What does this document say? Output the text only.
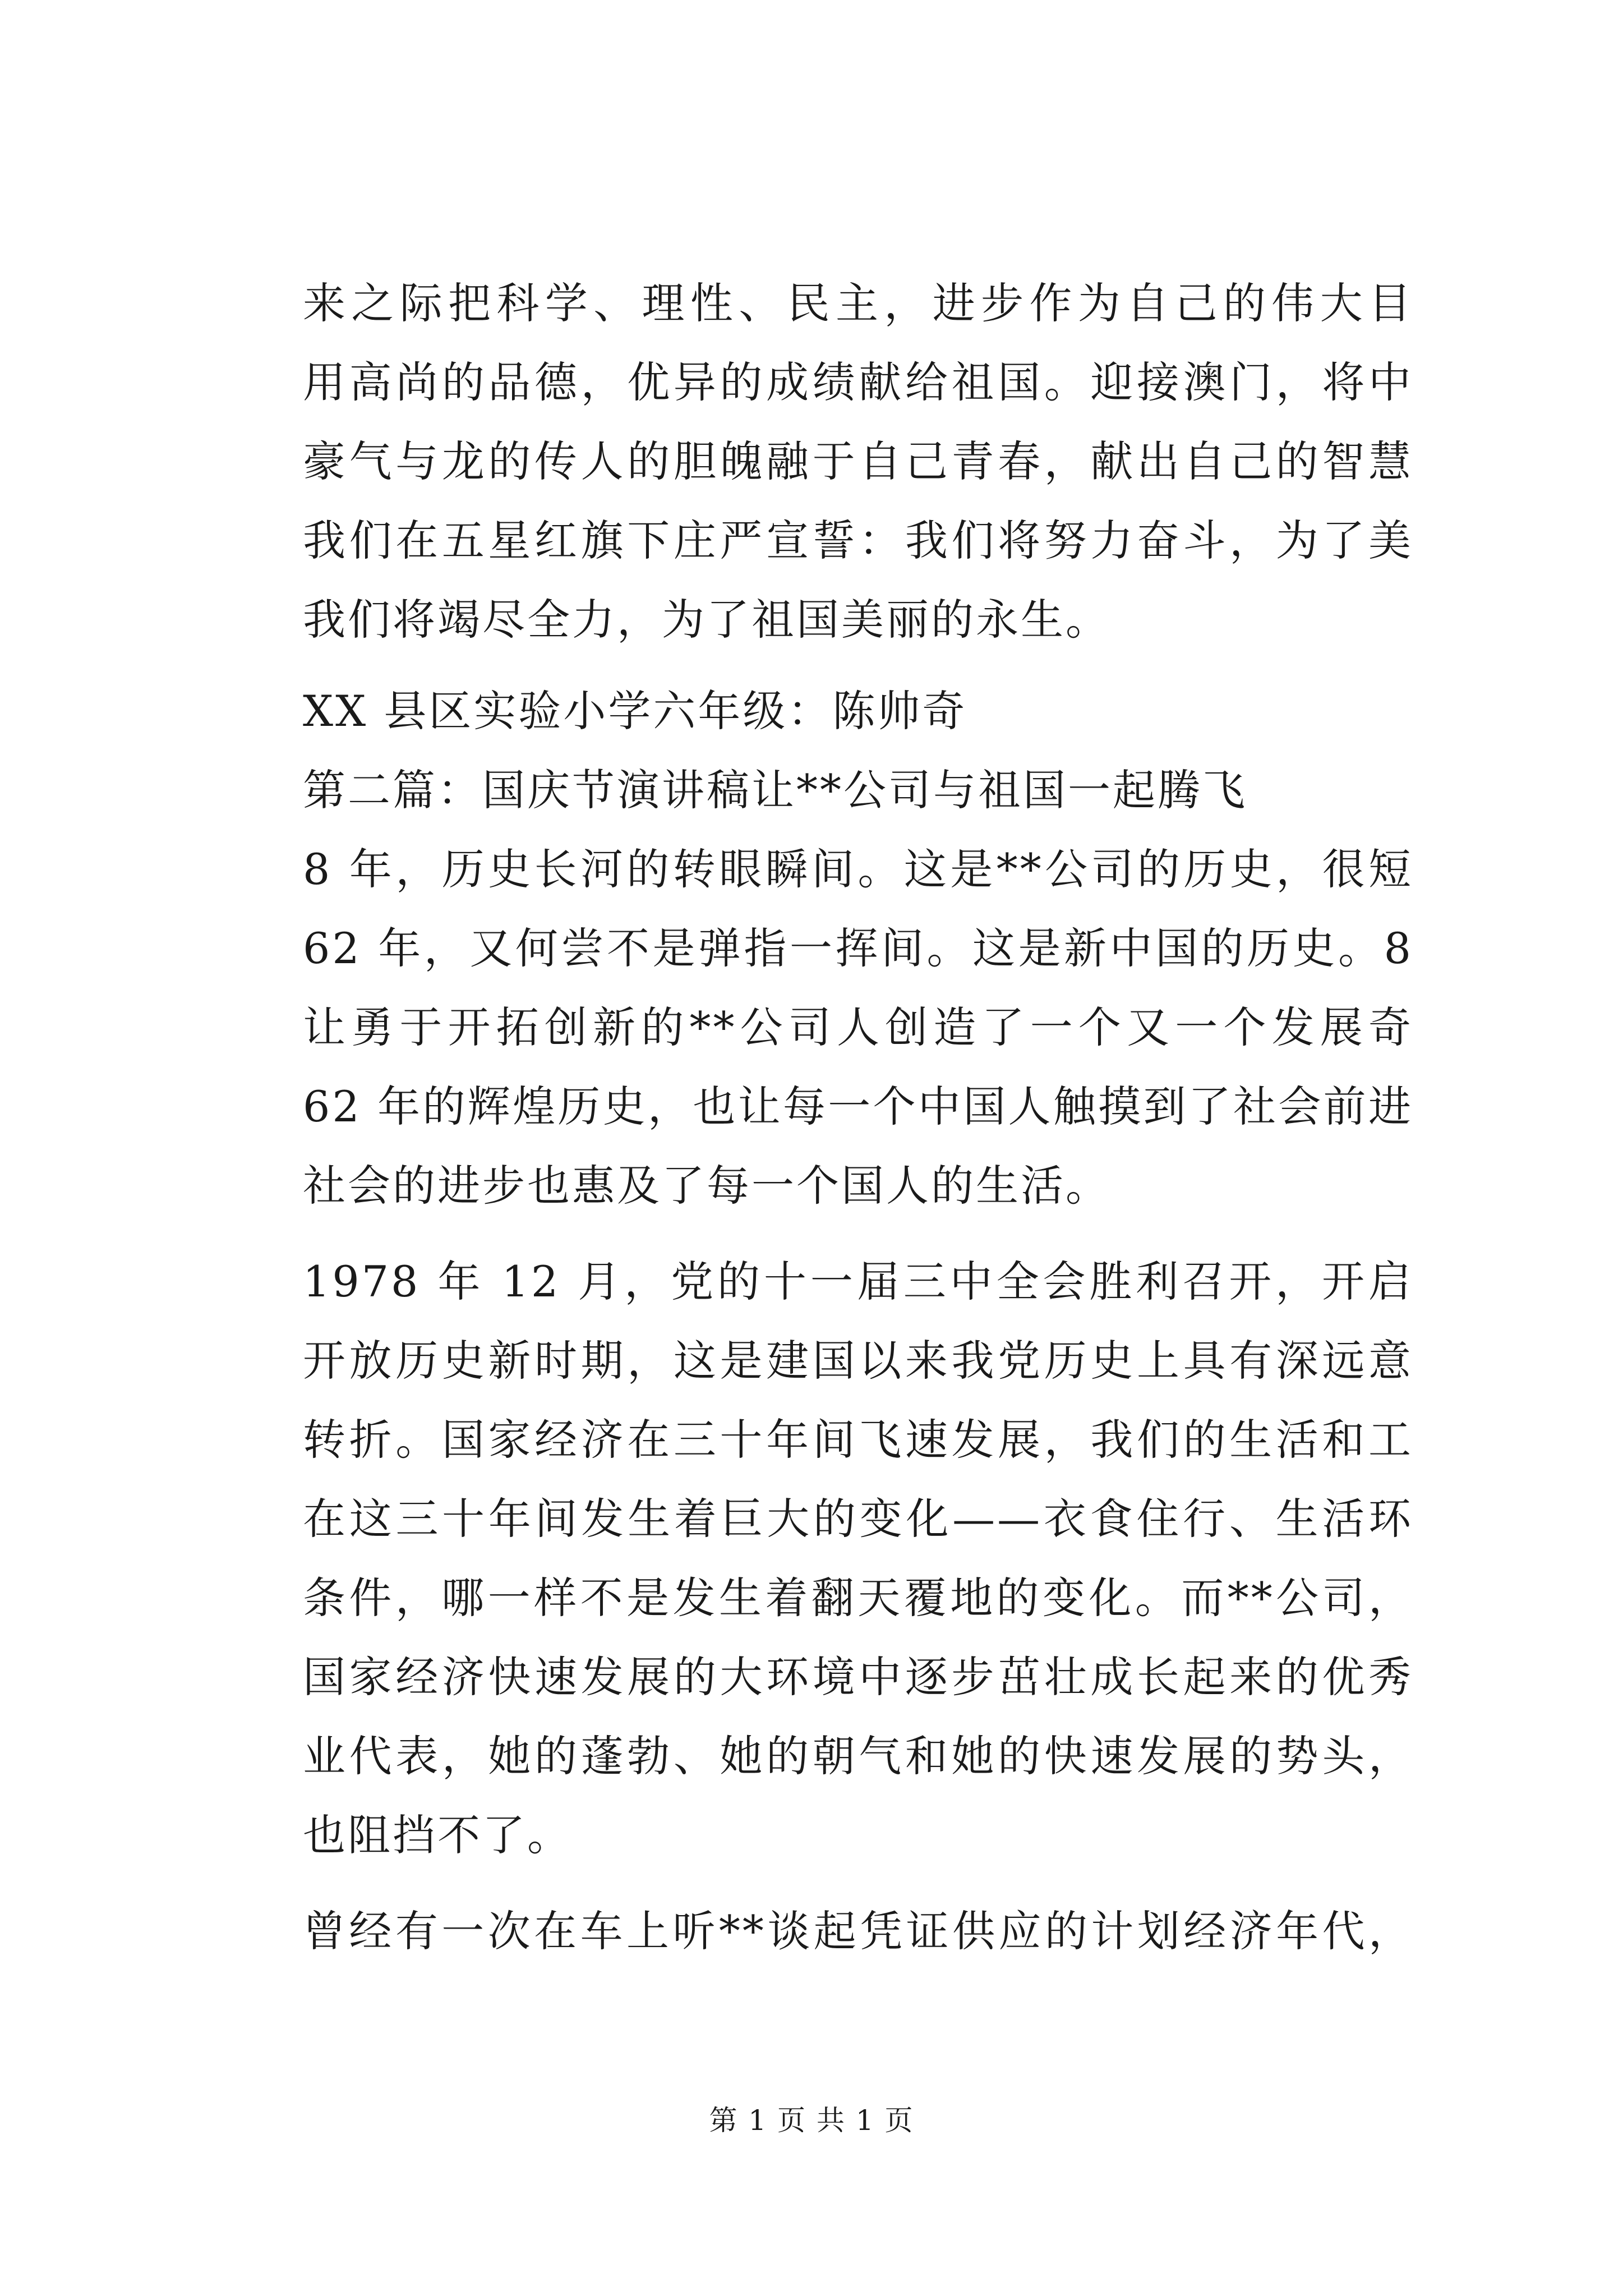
来之际把科学、理性、民主，进步作为自己的伟大目
用高尚的品德，优异的成绩献给祖国。迎接澳门，将中
豪气与龙的传人的胆魄融于自己青春，献出自己的智慧
我们在五星红旗下庄严宣誓：我们将努力奋斗，为了美
我们将竭尽全力，为了祖国美丽的永生。
XX 县区实验小学六年级：陈帅奇
第二篇：国庆节演讲稿让**公司与祖国一起腾飞
8 年，历史长河的转眼瞬间。这是**公司的历史，很短
62 年，又何尝不是弹指一挥间。这是新中国的历史。8
让勇于开拓创新的**公司人创造了一个又一个发展奇
62 年的辉煌历史，也让每一个中国人触摸到了社会前进
社会的进步也惠及了每一个国人的生活。
1978 年 12 月，党的十一届三中全会胜利召开，开启
开放历史新时期，这是建国以来我党历史上具有深远意
转折。国家经济在三十年间飞速发展，我们的生活和工
在这三十年间发生着巨大的变化——衣食住行、生活环
条件，哪一样不是发生着翻天覆地的变化。而**公司，
国家经济快速发展的大环境中逐步茁壮成长起来的优秀
业代表，她的蓬勃、她的朝气和她的快速发展的势头，
也阻挡不了。
曾经有一次在车上听**谈起凭证供应的计划经济年代，
第 1 页 共 1 页
